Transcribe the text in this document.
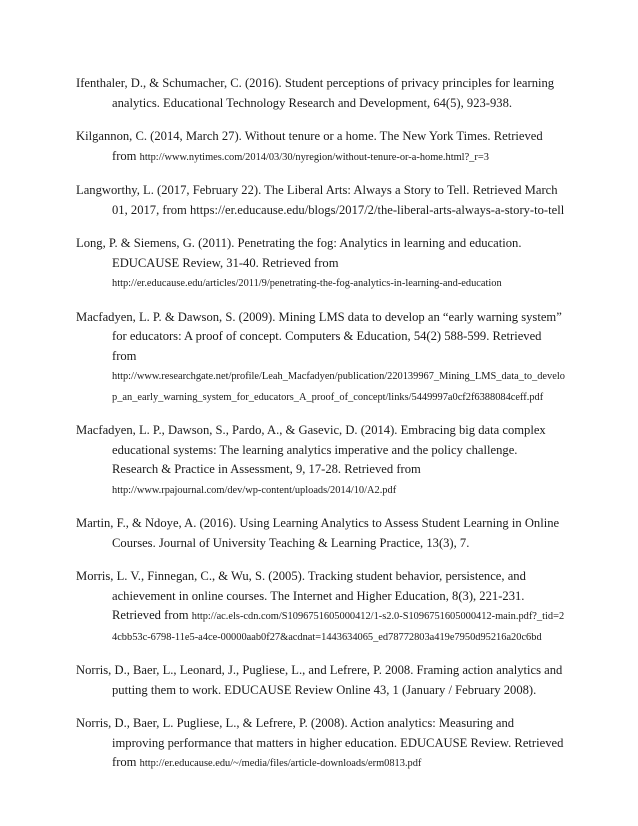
Ifenthaler, D., & Schumacher, C. (2016). Student perceptions of privacy principles for learning analytics. Educational Technology Research and Development, 64(5), 923-938.

Kilgannon, C. (2014, March 27). Without tenure or a home. The New York Times. Retrieved from http://www.nytimes.com/2014/03/30/nyregion/without-tenure-or-a-home.html?_r=3

Langworthy, L. (2017, February 22). The Liberal Arts: Always a Story to Tell. Retrieved March 01, 2017, from https://er.educause.edu/blogs/2017/2/the-liberal-arts-always-a-story-to-tell

Long, P. & Siemens, G. (2011). Penetrating the fog: Analytics in learning and education. EDUCAUSE Review, 31-40. Retrieved from
http://er.educause.edu/articles/2011/9/penetrating-the-fog-analytics-in-learning-and-education

Macfadyen, L. P. & Dawson, S. (2009). Mining LMS data to develop an “early warning system” for educators: A proof of concept. Computers & Education, 54(2) 588-599. Retrieved from
http://www.researchgate.net/profile/Leah_Macfadyen/publication/220139967_Mining_LMS_data_to_develop_an_early_warning_system_for_educators_A_proof_of_concept/links/5449997a0cf2f6388084ceff.pdf

Macfadyen, L. P., Dawson, S., Pardo, A., & Gasevic, D. (2014). Embracing big data complex educational systems: The learning analytics imperative and the policy challenge. Research & Practice in Assessment, 9, 17-28. Retrieved from
http://www.rpajournal.com/dev/wp-content/uploads/2014/10/A2.pdf

Martin, F., & Ndoye, A. (2016). Using Learning Analytics to Assess Student Learning in Online Courses. Journal of University Teaching & Learning Practice, 13(3), 7.

Morris, L. V., Finnegan, C., & Wu, S. (2005). Tracking student behavior, persistence, and achievement in online courses. The Internet and Higher Education, 8(3), 221-231. Retrieved from http://ac.els-cdn.com/S1096751605000412/1-s2.0-S1096751605000412-main.pdf?_tid=24cbb53c-6798-11e5-a4ce-00000aab0f27&acdnat=1443634065_ed78772803a419e7950d95216a20c6bd

Norris, D., Baer, L., Leonard, J., Pugliese, L., and Lefrere, P. 2008. Framing action analytics and putting them to work. EDUCAUSE Review Online 43, 1 (January / February 2008).

Norris, D., Baer, L. Pugliese, L., & Lefrere, P. (2008). Action analytics: Measuring and improving performance that matters in higher education. EDUCAUSE Review. Retrieved from http://er.educause.edu/~/media/files/article-downloads/erm0813.pdf
